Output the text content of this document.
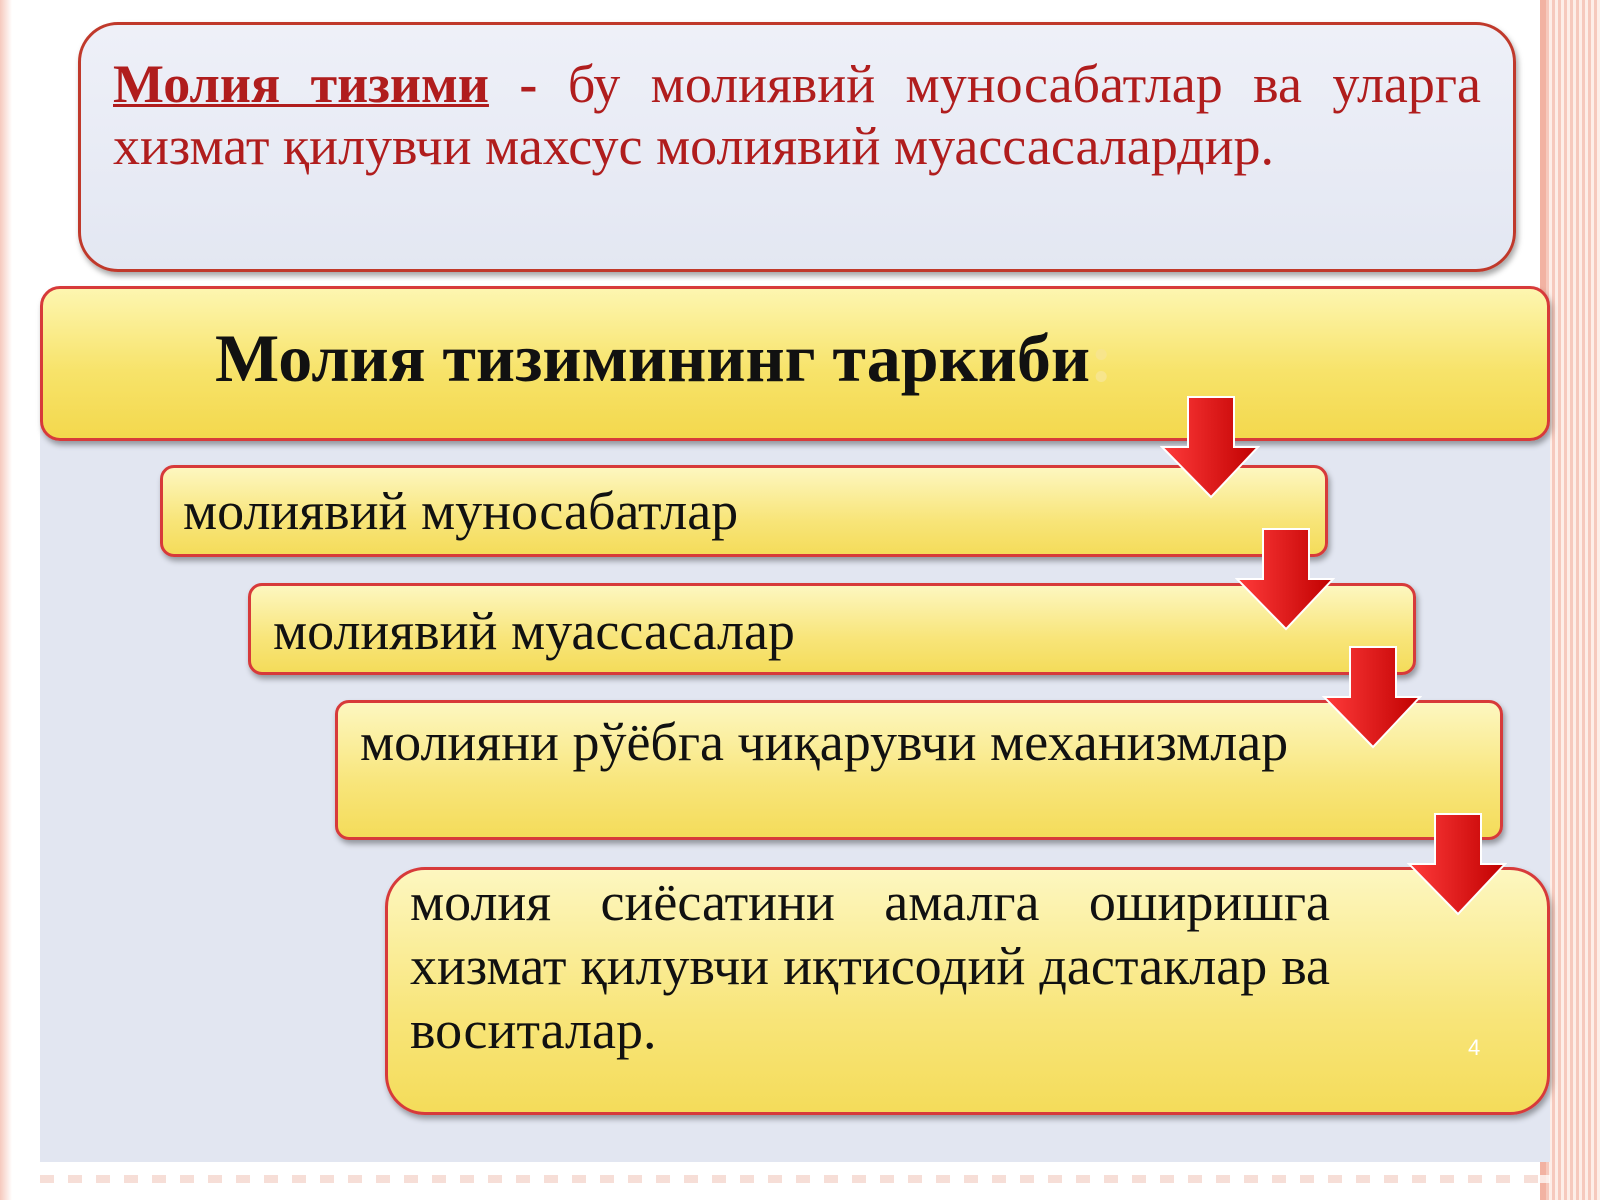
Молия тизими - бу молиявий муносабатлар ва уларга хизмат қилувчи махсус молиявий муассасалардир.
Молия тизимининг таркиби:
молиявий муносабатлар
молиявий муассасалар
молияни рўёбга чиқарувчи механизмлар
молия сиёсатини амалга оширишга хизмат қилувчи иқтисодий дастаклар ва воситалар.	4
